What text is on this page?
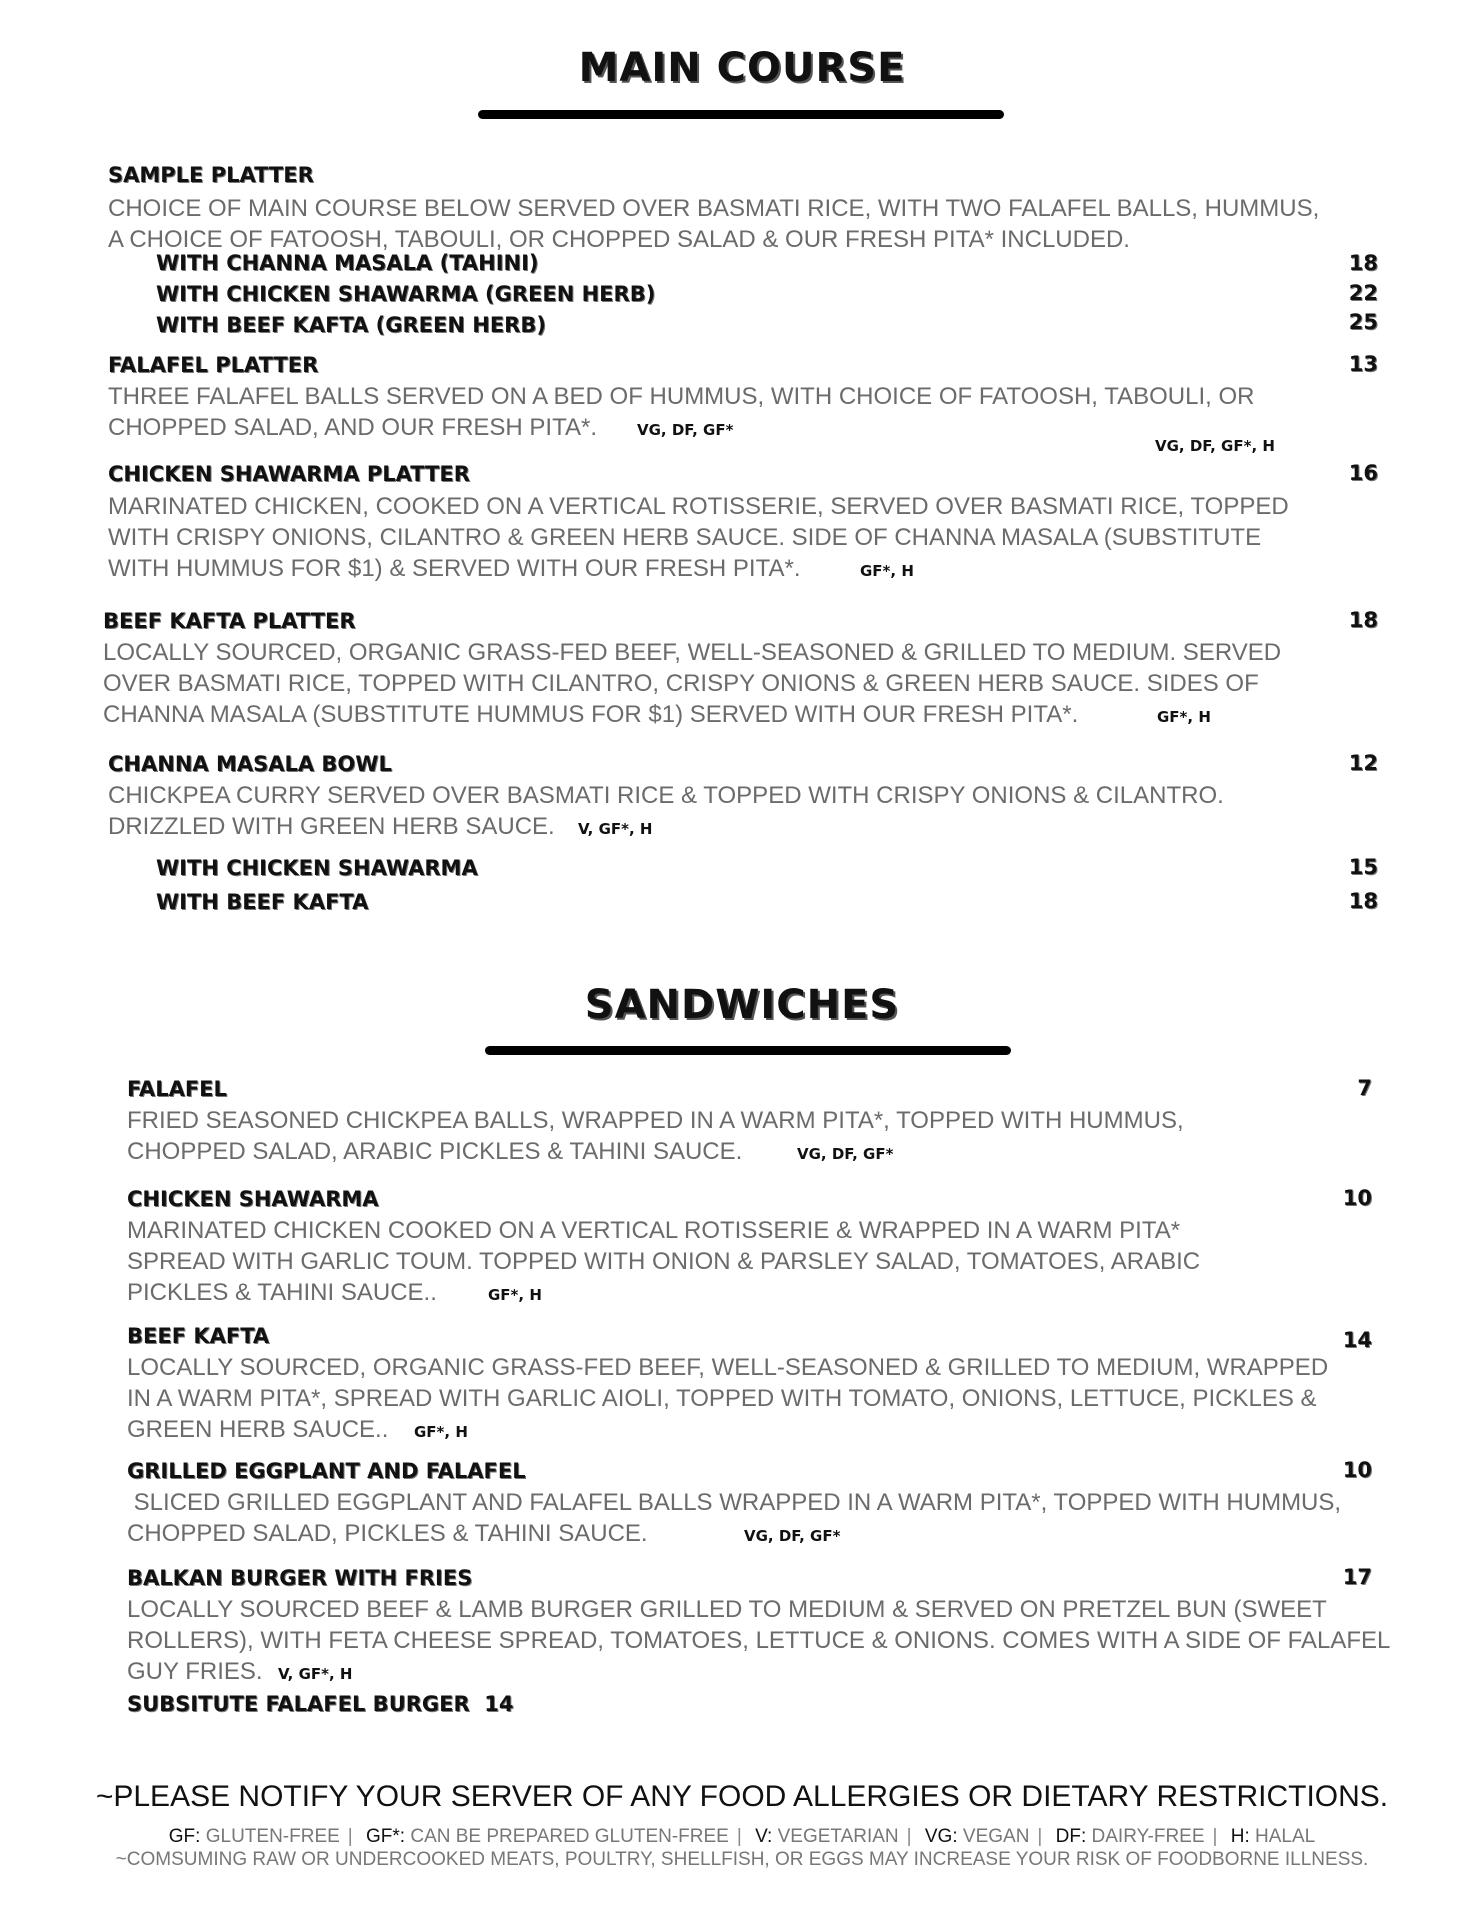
MAIN COURSE
SAMPLE PLATTER
CHOICE OF MAIN COURSE BELOW SERVED OVER BASMATI RICE, WITH TWO FALAFEL BALLS, HUMMUS,
A CHOICE OF FATOOSH, TABOULI, OR CHOPPED SALAD & OUR FRESH PITA* INCLUDED.
WITH CHANNA MASALA (TAHINI)	18
WITH CHICKEN SHAWARMA (GREEN HERB)	22
WITH BEEF KAFTA (GREEN HERB)	25
FALAFEL PLATTER	13
THREE FALAFEL BALLS SERVED ON A BED OF HUMMUS, WITH CHOICE OF FATOOSH, TABOULI, OR
CHOPPED SALAD, AND OUR FRESH PITA*.	VG, DF, GF*
VG, DF, GF*, H
CHICKEN SHAWARMA PLATTER	16
MARINATED CHICKEN, COOKED ON A VERTICAL ROTISSERIE, SERVED OVER BASMATI RICE, TOPPED
WITH CRISPY ONIONS, CILANTRO & GREEN HERB SAUCE. SIDE OF CHANNA MASALA (SUBSTITUTE
WITH HUMMUS FOR $1) & SERVED WITH OUR FRESH PITA*.	GF*, H
BEEF KAFTA PLATTER	18
LOCALLY SOURCED, ORGANIC GRASS-FED BEEF, WELL-SEASONED & GRILLED TO MEDIUM. SERVED
OVER BASMATI RICE, TOPPED WITH CILANTRO, CRISPY ONIONS & GREEN HERB SAUCE. SIDES OF
CHANNA MASALA (SUBSTITUTE HUMMUS FOR $1) SERVED WITH OUR FRESH PITA*.	GF*, H
CHANNA MASALA BOWL	12
CHICKPEA CURRY SERVED OVER BASMATI RICE & TOPPED WITH CRISPY ONIONS & CILANTRO.
DRIZZLED WITH GREEN HERB SAUCE. V, GF*, H
WITH CHICKEN SHAWARMA	15
WITH BEEF KAFTA	18
SANDWICHES
FALAFEL	7
FRIED SEASONED CHICKPEA BALLS, WRAPPED IN A WARM PITA*, TOPPED WITH HUMMUS,
CHOPPED SALAD, ARABIC PICKLES & TAHINI SAUCE.	VG, DF, GF*
CHICKEN SHAWARMA	10
MARINATED CHICKEN COOKED ON A VERTICAL ROTISSERIE & WRAPPED IN A WARM PITA*
SPREAD WITH GARLIC TOUM. TOPPED WITH ONION & PARSLEY SALAD, TOMATOES, ARABIC
PICKLES & TAHINI SAUCE..	GF*, H
BEEF KAFTA	14
LOCALLY SOURCED, ORGANIC GRASS-FED BEEF, WELL-SEASONED & GRILLED TO MEDIUM, WRAPPED
IN A WARM PITA*, SPREAD WITH GARLIC AIOLI, TOPPED WITH TOMATO, ONIONS, LETTUCE, PICKLES &
GREEN HERB SAUCE.. GF*, H
GRILLED EGGPLANT AND FALAFEL	10
SLICED GRILLED EGGPLANT AND FALAFEL BALLS WRAPPED IN A WARM PITA*, TOPPED WITH HUMMUS,
CHOPPED SALAD, PICKLES & TAHINI SAUCE.	VG, DF, GF*
BALKAN BURGER WITH FRIES	17
LOCALLY SOURCED BEEF & LAMB BURGER GRILLED TO MEDIUM & SERVED ON PRETZEL BUN (SWEET
ROLLERS), WITH FETA CHEESE SPREAD, TOMATOES, LETTUCE & ONIONS. COMES WITH A SIDE OF FALAFEL
GUY FRIES. V, GF*, H
SUBSITUTE FALAFEL BURGER  14
~PLEASE NOTIFY YOUR SERVER OF ANY FOOD ALLERGIES OR DIETARY RESTRICTIONS.
GF: GLUTEN-FREE | GF*: CAN BE PREPARED GLUTEN-FREE | V: VEGETARIAN | VG: VEGAN | DF: DAIRY-FREE | H: HALAL
~COMSUMING RAW OR UNDERCOOKED MEATS, POULTRY, SHELLFISH, OR EGGS MAY INCREASE YOUR RISK OF FOODBORNE ILLNESS.
